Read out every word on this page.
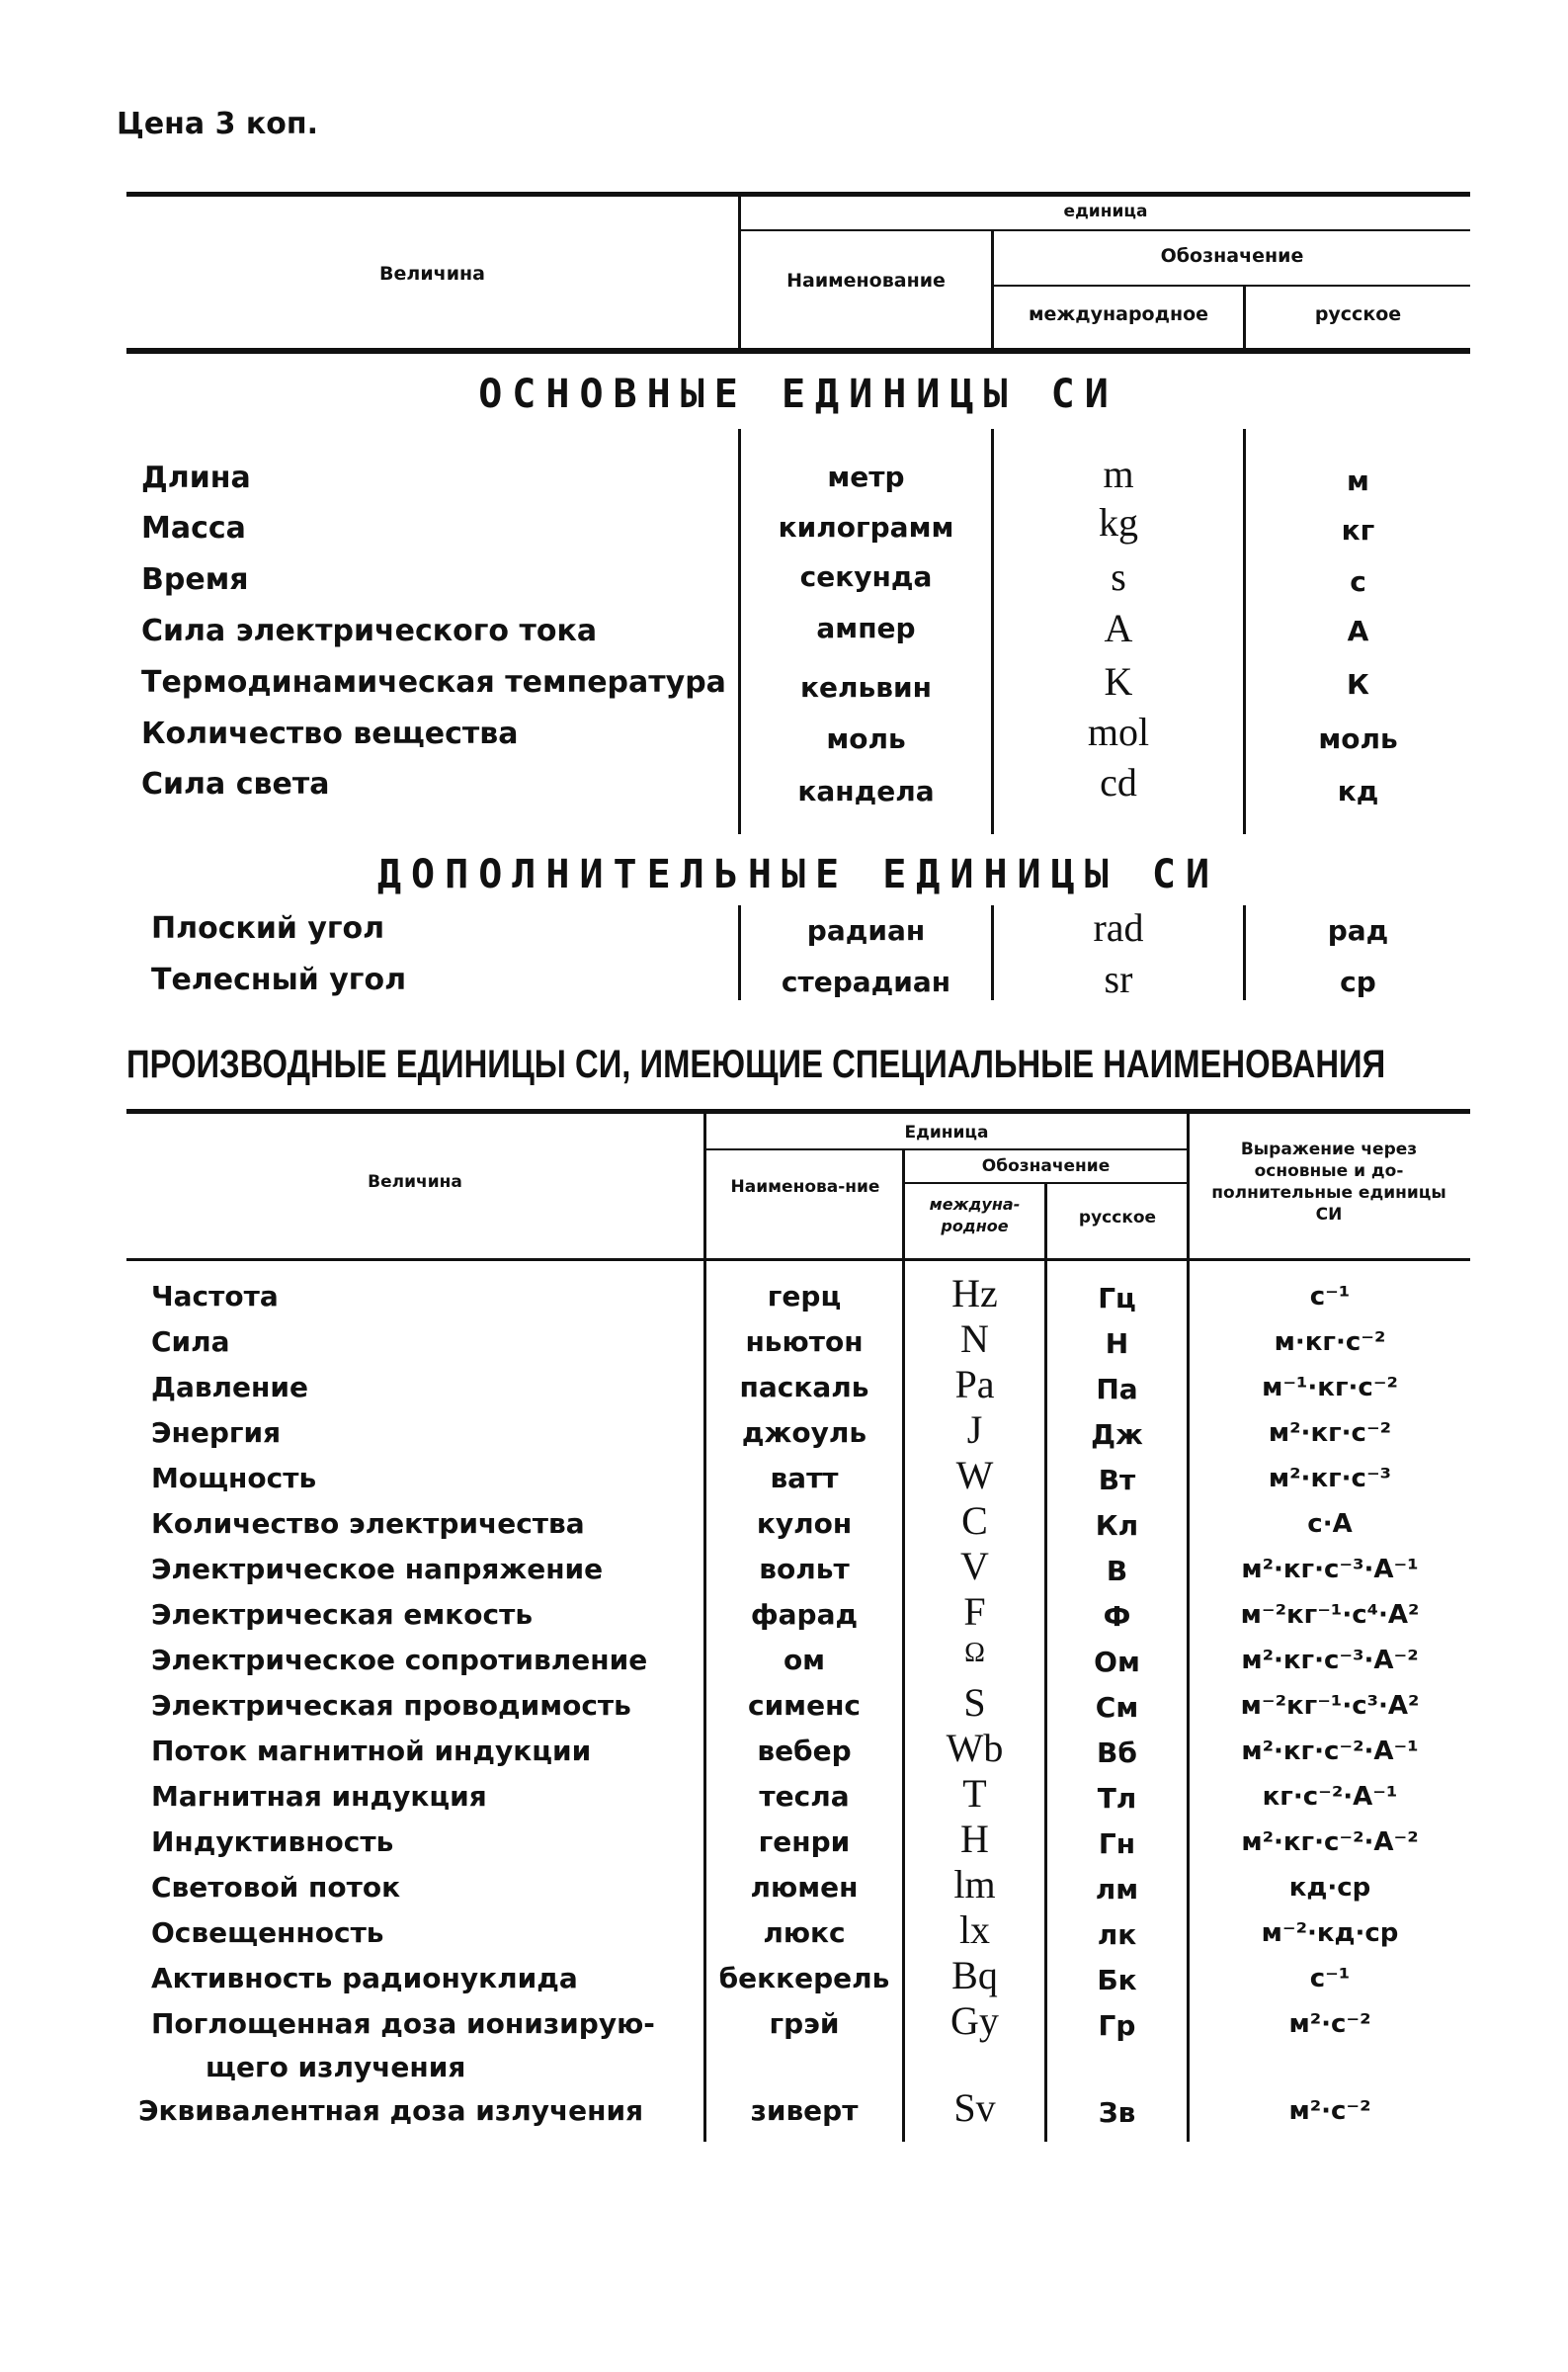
Цена 3 коп.
Величина
единица
Наименование
Обозначение
международное	русское
ОСНОВНЫЕ ЕДИНИЦЫ СИ
Длина	метр	m	м
Масса	килограмм	kg	кг
Время	секунда	s	с
Сила электрического тока	ампер	A	А
Термодинамическая температура	кельвин	K	К
Количество вещества	моль	mol	моль
Сила света	кандела	cd	кд
ДОПОЛНИТЕЛЬНЫЕ ЕДИНИЦЫ СИ
Плоский угол	радиан	rad	рад
Телесный угол	стерадиан	sr	ср
ПРОИЗВОДНЫЕ ЕДИНИЦЫ СИ, ИМЕЮЩИЕ СПЕЦИАЛЬНЫЕ НАИМЕНОВАНИЯ
Величина
Единица
Наименова-ние
Обозначение
междуна-родное	русское
Выражение через основные и до-полнительные единицы СИ
Частота	герц	Hz	Гц	с⁻¹
Сила	ньютон	N	Н	м·кг·с⁻²
Давление	паскаль	Pa	Па	м⁻¹·кг·с⁻²
Энергия	джоуль	J	Дж	м²·кг·с⁻²
Мощность	ватт	W	Вт	м²·кг·с⁻³
Количество электричества	кулон	C	Кл	с·А
Электрическое напряжение	вольт	V	В	м²·кг·с⁻³·А⁻¹
Электрическая емкость	фарад	F	Ф	м⁻²кг⁻¹·с⁴·А²
Электрическое сопротивление	ом	Ω	Ом	м²·кг·с⁻³·А⁻²
Электрическая проводимость	сименс	S	См	м⁻²кг⁻¹·с³·А²
Поток магнитной индукции	вебер	Wb	Вб	м²·кг·с⁻²·А⁻¹
Магнитная индукция	тесла	T	Тл	кг·с⁻²·А⁻¹
Индуктивность	генри	H	Гн	м²·кг·с⁻²·А⁻²
Световой поток	люмен	lm	лм	кд·ср
Освещенность	люкс	lx	лк	м⁻²·кд·ср
Активность радионуклида	беккерель	Bq	Бк	с⁻¹
Поглощенная доза ионизирую-
щего излучения
грэй	Gy	Гр	м²·с⁻²
Эквивалентная доза излучения	зиверт	Sv	Зв	м²·с⁻²
